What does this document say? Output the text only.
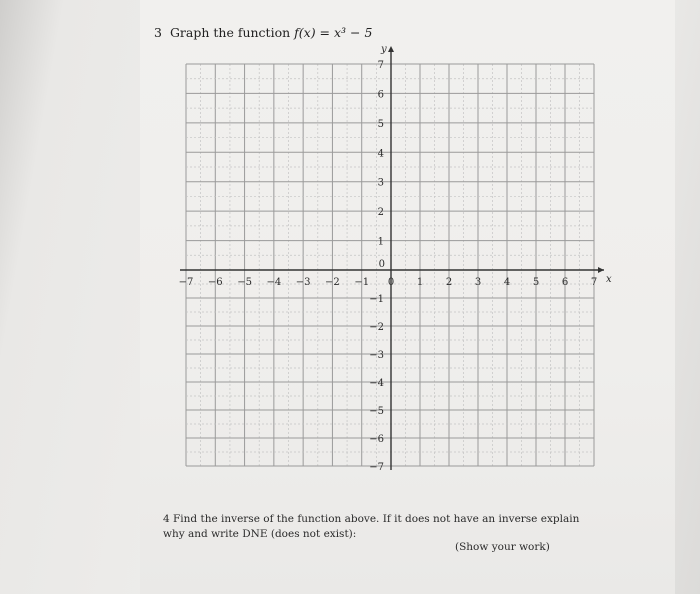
3 Graph the function f(x) = x³ − 5
−7 −6 −5 −4 −3 −2 −1 0 1 2 3 4 5 6 7
7
6
5
4
3
2
1
0
−1
−2
−3
−4
−5
−6
−7
x
y
4 Find the inverse of the function above. If it does not have an inverse explain why and write DNE (does not exist):
(Show your work)
